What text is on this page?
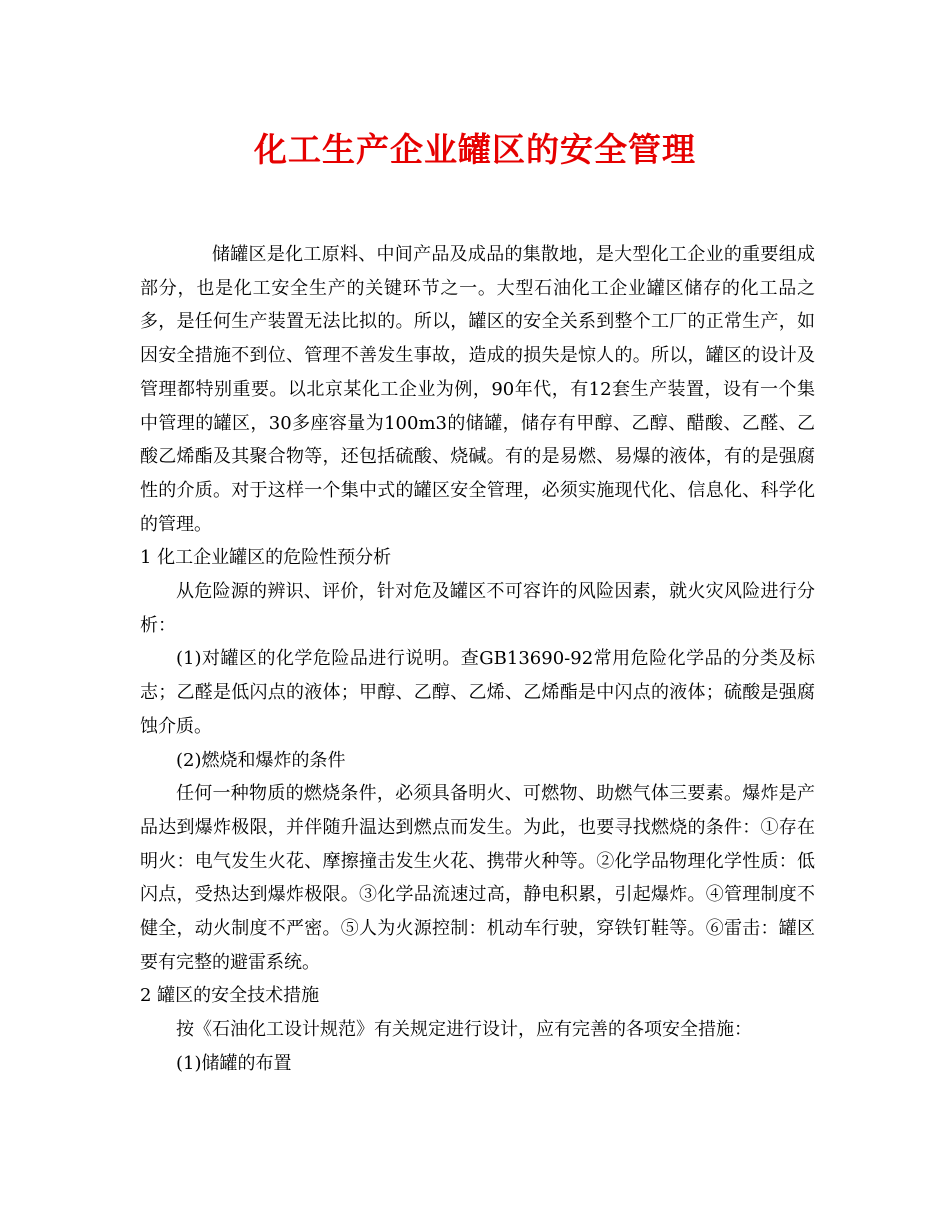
化工生产企业罐区的安全管理

储罐区是化工原料、中间产品及成品的集散地，是大型化工企业的重要组成部分，也是化工安全生产的关键环节之一。大型石油化工企业罐区储存的化工品之多，是任何生产装置无法比拟的。所以，罐区的安全关系到整个工厂的正常生产，如因安全措施不到位、管理不善发生事故，造成的损失是惊人的。所以，罐区的设计及管理都特别重要。以北京某化工企业为例，90年代，有12套生产装置，设有一个集中管理的罐区，30多座容量为100m3的储罐，储存有甲醇、乙醇、醋酸、乙醛、乙酸乙烯酯及其聚合物等，还包括硫酸、烧碱。有的是易燃、易爆的液体，有的是强腐性的介质。对于这样一个集中式的罐区安全管理，必须实施现代化、信息化、科学化的管理。

1 化工企业罐区的危险性预分析

从危险源的辨识、评价，针对危及罐区不可容许的风险因素，就火灾风险进行分析：

(1)对罐区的化学危险品进行说明。查GB13690-92常用危险化学品的分类及标志；乙醛是低闪点的液体；甲醇、乙醇、乙烯、乙烯酯是中闪点的液体；硫酸是强腐蚀介质。

(2)燃烧和爆炸的条件

任何一种物质的燃烧条件，必须具备明火、可燃物、助燃气体三要素。爆炸是产品达到爆炸极限，并伴随升温达到燃点而发生。为此，也要寻找燃烧的条件：①存在明火：电气发生火花、摩擦撞击发生火花、携带火种等。②化学品物理化学性质：低闪点，受热达到爆炸极限。③化学品流速过高，静电积累，引起爆炸。④管理制度不健全，动火制度不严密。⑤人为火源控制：机动车行驶，穿铁钉鞋等。⑥雷击：罐区要有完整的避雷系统。

2 罐区的安全技术措施

按《石油化工设计规范》有关规定进行设计，应有完善的各项安全措施：

(1)储罐的布置
